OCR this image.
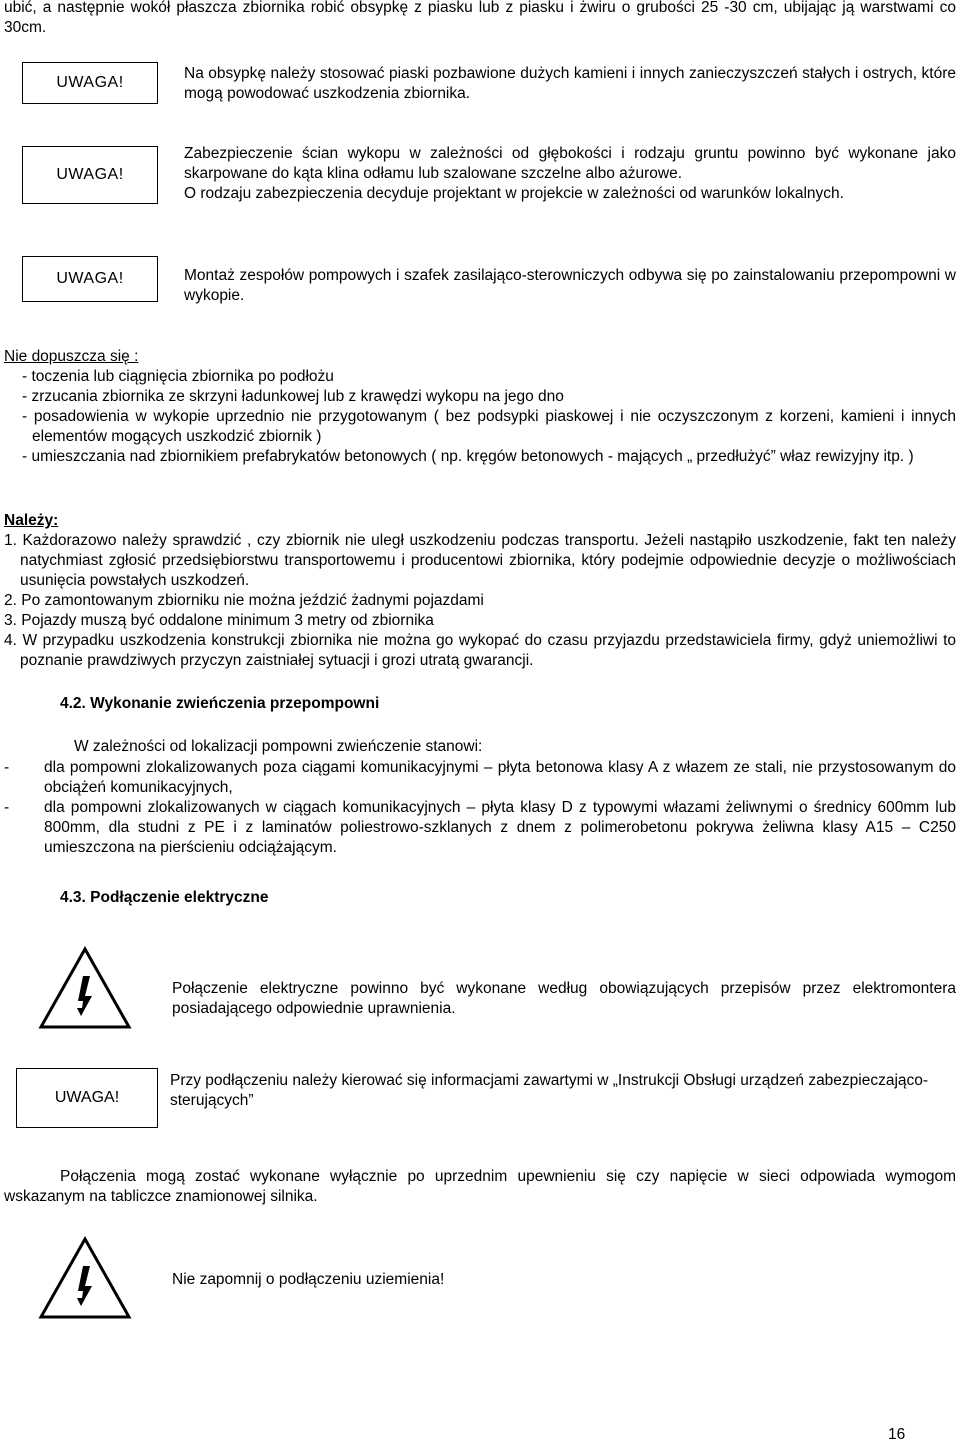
ubić, a następnie wokół płaszcza zbiornika robić obsypkę z piasku lub z piasku i żwiru o grubości 25 -30 cm, ubijając ją warstwami co 30cm.
UWAGA!
Na obsypkę należy stosować piaski pozbawione dużych kamieni i innych zanieczyszczeń stałych i ostrych, które mogą powodować uszkodzenia zbiornika.
UWAGA!
Zabezpieczenie ścian wykopu w zależności od głębokości i rodzaju gruntu powinno być wykonane jako skarpowane do kąta klina odłamu lub szalowane szczelne albo ażurowe.
O rodzaju zabezpieczenia decyduje projektant w projekcie w zależności od warunków lokalnych.
UWAGA!	Montaż zespołów pompowych i szafek zasilająco-sterowniczych odbywa się po zainstalowaniu przepompowni w wykopie.
Nie dopuszcza się :
- toczenia lub ciągnięcia zbiornika po podłożu
- zrzucania zbiornika ze skrzyni ładunkowej lub z krawędzi wykopu na jego dno
- posadowienia w wykopie uprzednio nie przygotowanym ( bez podsypki piaskowej i nie oczyszczonym z korzeni, kamieni i innych elementów mogących uszkodzić zbiornik )
- umieszczania nad zbiornikiem prefabrykatów betonowych ( np. kręgów betonowych - mających „ przedłużyć” właz rewizyjny itp. )
Należy:
1. Każdorazowo należy sprawdzić , czy zbiornik nie uległ uszkodzeniu podczas transportu. Jeżeli nastąpiło uszkodzenie, fakt ten należy natychmiast zgłosić przedsiębiorstwu transportowemu i producentowi zbiornika, który podejmie odpowiednie decyzje o możliwościach usunięcia powstałych uszkodzeń.
2. Po zamontowanym zbiorniku nie można jeździć żadnymi pojazdami
3. Pojazdy muszą być oddalone minimum 3 metry od zbiornika
4. W przypadku uszkodzenia konstrukcji zbiornika nie można go wykopać do czasu przyjazdu przedstawiciela firmy, gdyż uniemożliwi to poznanie prawdziwych przyczyn zaistniałej sytuacji i grozi utratą gwarancji.
4.2. Wykonanie zwieńczenia przepompowni
W zależności od lokalizacji pompowni zwieńczenie stanowi:
- dla pompowni zlokalizowanych poza ciągami komunikacyjnymi – płyta betonowa klasy A z włazem ze stali, nie przystosowanym do obciążeń komunikacyjnych,
- dla pompowni zlokalizowanych w ciągach komunikacyjnych – płyta klasy D z typowymi włazami żeliwnymi o średnicy 600mm lub 800mm, dla studni z PE i z laminatów poliestrowo-szklanych z dnem z polimerobetonu pokrywa żeliwna klasy A15 – C250 umieszczona na pierścieniu odciążającym.
4.3. Podłączenie elektryczne
Połączenie elektryczne powinno być wykonane według obowiązujących przepisów przez elektromontera posiadającego odpowiednie uprawnienia.
UWAGA!
Przy podłączeniu należy kierować się informacjami zawartymi w „Instrukcji Obsługi urządzeń zabezpieczająco-sterujących”
Połączenia mogą zostać wykonane wyłącznie po uprzednim upewnieniu się czy napięcie w sieci odpowiada wymogom wskazanym na tabliczce znamionowej silnika.
Nie zapomnij o podłączeniu uziemienia!
16
